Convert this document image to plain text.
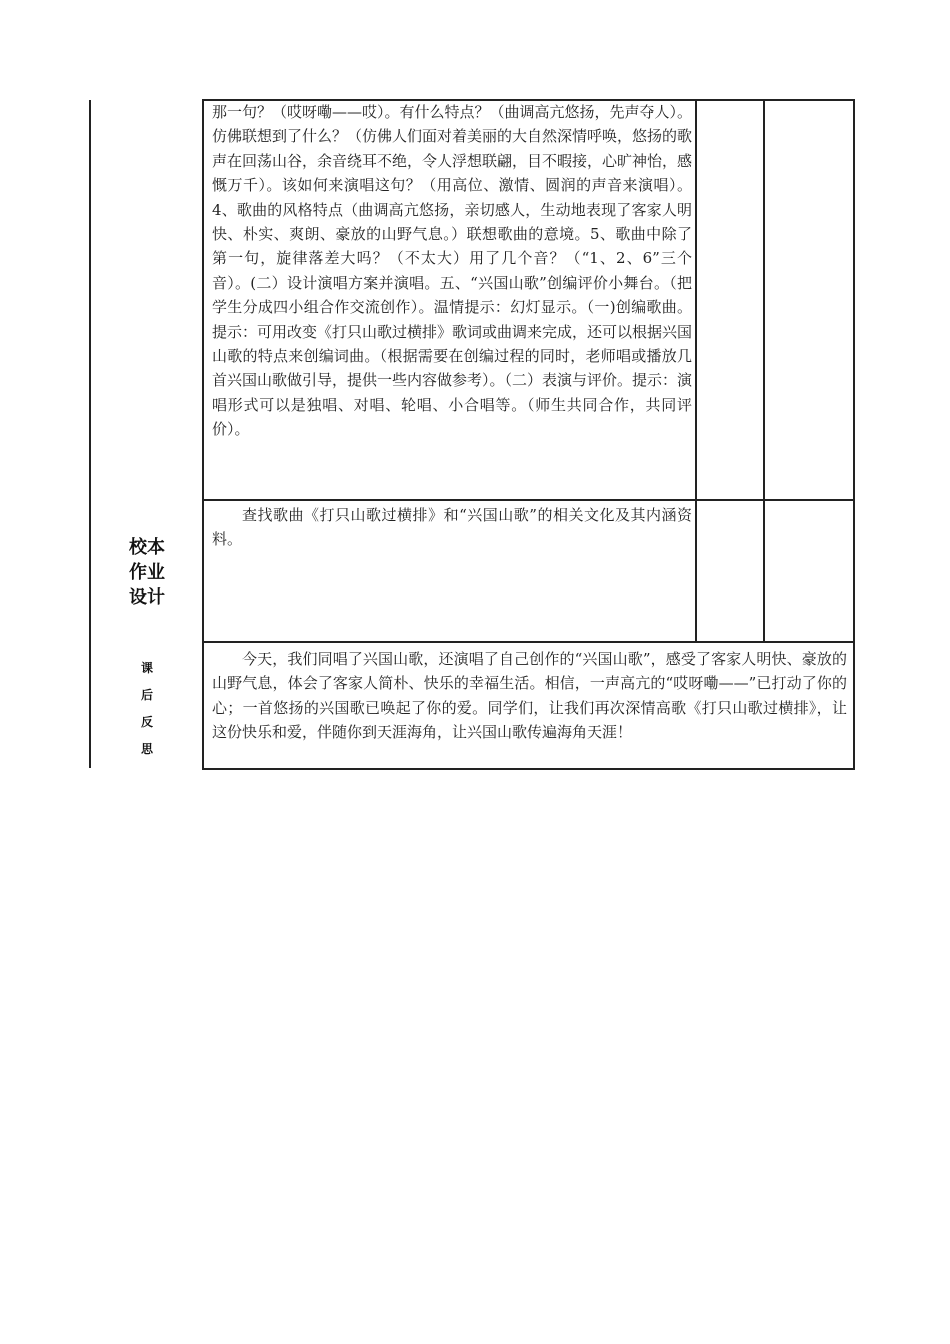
那一句？（哎呀嘞——哎）。有什么特点？（曲调高亢悠扬，先声夺人）。仿佛联想到了什么？（仿佛人们面对着美丽的大自然深情呼唤，悠扬的歌声在回荡山谷，余音绕耳不绝，令人浮想联翩，目不暇接，心旷神怡，感慨万千）。该如何来演唱这句？（用高位、激情、圆润的声音来演唱）。4、歌曲的风格特点（曲调高亢悠扬，亲切感人，生动地表现了客家人明快、朴实、爽朗、豪放的山野气息。）联想歌曲的意境。5、歌曲中除了第一句，旋律落差大吗？（不太大）用了几个音？（“1、2、6”三个音）。(二）设计演唱方案并演唱。五、“兴国山歌”创编评价小舞台。（把学生分成四小组合作交流创作）。温情提示：幻灯显示。（一)创编歌曲。提示：可用改变《打只山歌过横排》歌词或曲调来完成，还可以根据兴国山歌的特点来创编词曲。（根据需要在创编过程的同时，老师唱或播放几首兴国山歌做引导，提供一些内容做参考）。（二）表演与评价。提示：演唱形式可以是独唱、对唱、轮唱、小合唱等。（师生共同合作，共同评价）。
查找歌曲《打只山歌过横排》和“兴国山歌”的相关文化及其内涵资料。
今天，我们同唱了兴国山歌，还演唱了自己创作的“兴国山歌”，感受了客家人明快、豪放的山野气息，体会了客家人简朴、快乐的幸福生活。相信，一声高亢的“哎呀嘞——”已打动了你的心；一首悠扬的兴国歌已唤起了你的爱。同学们，让我们再次深情高歌《打只山歌过横排》，让这份快乐和爱，伴随你到天涯海角，让兴国山歌传遍海角天涯！
校本
作业
设计
课
后
反
思
